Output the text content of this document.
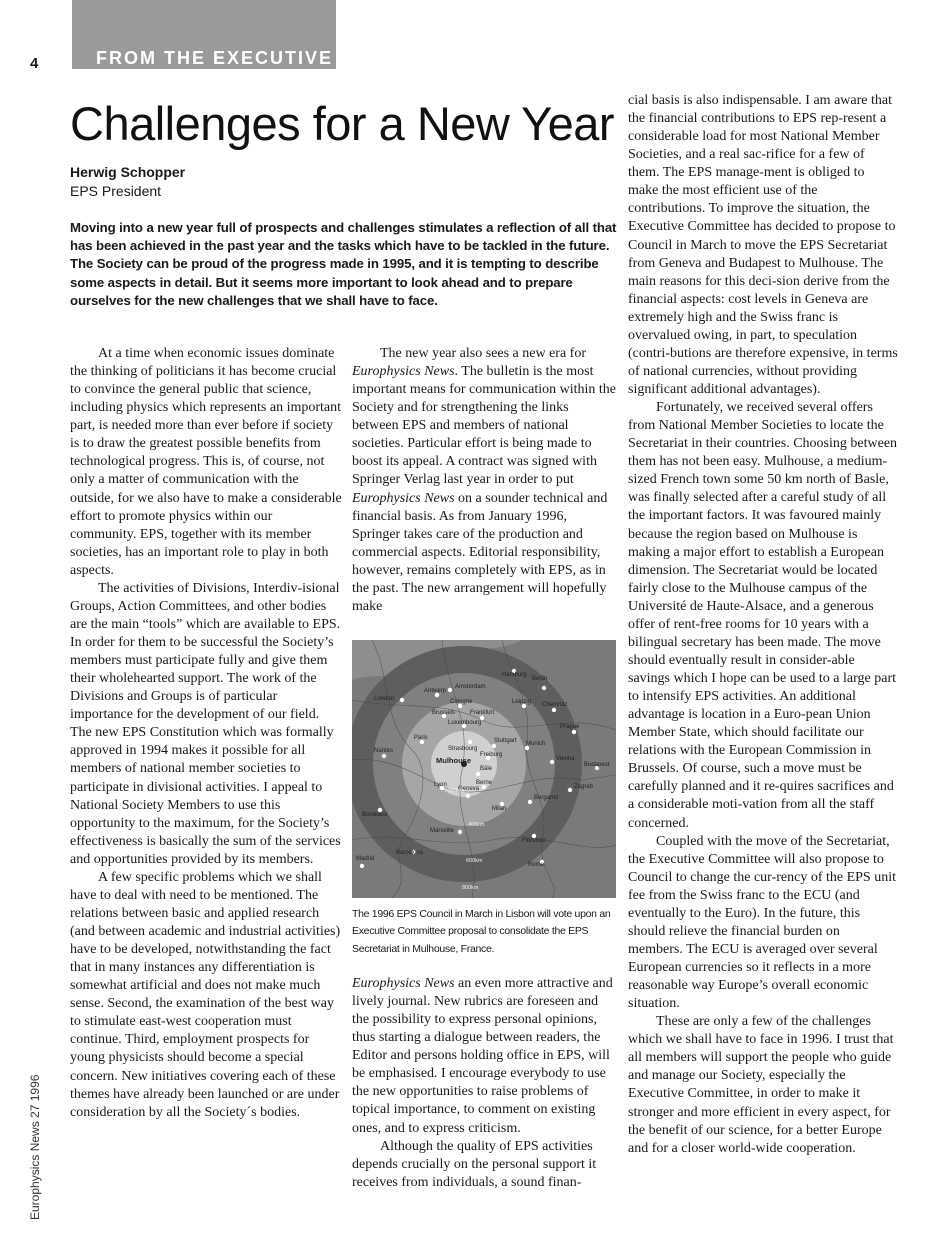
4	FROM THE EXECUTIVE
Challenges for a New Year
Herwig Schopper
EPS President
Moving into a new year full of prospects and challenges stimulates a reflection of all that has been achieved in the past year and the tasks which have to be tackled in the future. The Society can be proud of the progress made in 1995, and it is tempting to describe some aspects in detail. But it seems more important to look ahead and to prepare ourselves for the new challenges that we shall have to face.

At a time when economic issues dominate the thinking of politicians it has become crucial to convince the general public that science, including physics which represents an important part, is needed more than ever before if society is to draw the greatest possible benefits from technological progress. This is, of course, not only a matter of communication with the outside, for we also have to make a considerable effort to promote physics within our community. EPS, together with its member societies, has an important role to play in both aspects.

The activities of Divisions, Interdiv-isional Groups, Action Committees, and other bodies are the main “tools” which are available to EPS. In order for them to be successful the Society’s members must participate fully and give them their wholehearted support. The work of the Divisions and Groups is of particular importance for the development of our field. The new EPS Constitution which was formally approved in 1994 makes it possible for all members of national member societies to participate in divisional activities. I appeal to National Society Members to use this opportunity to the maximum, for the Society’s effectiveness is basically the sum of the services and opportunities provided by its members.

A few specific problems which we shall have to deal with need to be mentioned. The relations between basic and applied research (and between academic and industrial activities) have to be developed, notwithstanding the fact that in many instances any differentiation is somewhat artificial and does not make much sense. Second, the examination of the best way to stimulate east-west cooperation must continue. Third, employment prospects for young physicists should become a special concern. New initiatives covering each of these themes have already been launched or are under consideration by all the Society´s bodies.

The new year also sees a new era for Europhysics News. The bulletin is the most important means for communication within the Society and for strengthening the links between EPS and members of national societies. Particular effort is being made to boost its appeal. A contract was signed with Springer Verlag last year in order to put Europhysics News on a sounder technical and financial basis. As from January 1996, Springer takes care of the production and commercial aspects. Editorial responsibility, however, remains completely with EPS, as in the past. The new arrangement will hopefully make

Hamburg
Berlin
Amsterdam
Antwerp
London	Cologne	Leipzig Chemnitz
Brussels Frankfurt
Luxembourg
Prague
Paris	Stuttgart Munich
Strasbourg
Freiburg
Nantes
Vienna
Budapest
Bâle
Berne
Geneva
Lyon	Zagreb
Bergamo
Milan
Bordeaux
Marseille
Florence
Barcelona
Rome
Madrid
Mulhouse
200km
400km
600km
800km
The 1996 EPS Council in March in Lisbon will vote upon an Executive Committee proposal to consolidate the EPS Secretariat in Mulhouse, France.

Europhysics News an even more attractive and lively journal. New rubrics are foreseen and the possibility to express personal opinions, thus starting a dialogue between readers, the Editor and persons holding office in EPS, will be emphasised. I encourage everybody to use the new opportunities to raise problems of topical importance, to comment on existing ones, and to express criticism.

Although the quality of EPS activities depends crucially on the personal support it receives from individuals, a sound finan-

cial basis is also indispensable. I am aware that the financial contributions to EPS rep-resent a considerable load for most National Member Societies, and a real sac-rifice for a few of them. The EPS manage-ment is obliged to make the most efficient use of the contributions. To improve the situation, the Executive Committee has decided to propose to Council in March to move the EPS Secretariat from Geneva and Budapest to Mulhouse. The main reasons for this deci-sion derive from the financial aspects: cost levels in Geneva are extremely high and the Swiss franc is overvalued owing, in part, to speculation (contri-butions are therefore expensive, in terms of national currencies, without providing significant additional advantages).

Fortunately, we received several offers from National Member Societies to locate the Secretariat in their countries. Choosing between them has not been easy. Mulhouse, a medium-sized French town some 50 km north of Basle, was finally selected after a careful study of all the important factors. It was favoured mainly because the region based on Mulhouse is making a major effort to establish a European dimension. The Secretariat would be located fairly close to the Mulhouse campus of the Université de Haute-Alsace, and a generous offer of rent-free rooms for 10 years with a bilingual secretary has been made. The move should eventually result in consider-able savings which I hope can be used to a large part to intensify EPS activities. An additional advantage is location in a Euro-pean Union Member State, which should facilitate our relations with the European Commission in Brussels. Of course, such a move must be carefully planned and it re-quires sacrifices and a considerable moti-vation from all the staff concerned.

Coupled with the move of the Secretariat, the Executive Committee will also propose to Council to change the cur-rency of the EPS unit fee from the Swiss franc to the ECU (and eventually to the Euro). In the future, this should relieve the financial burden on members. The ECU is averaged over several European currencies so it reflects in a more reasonable way Europe’s overall economic situation.

These are only a few of the challenges which we shall have to face in 1996. I trust that all members will support the people who guide and manage our Society, especially the Executive Committee, in order to make it stronger and more efficient in every aspect, for the benefit of our science, for a better Europe and for a closer world-wide cooperation.

Europhysics News 27 1996
